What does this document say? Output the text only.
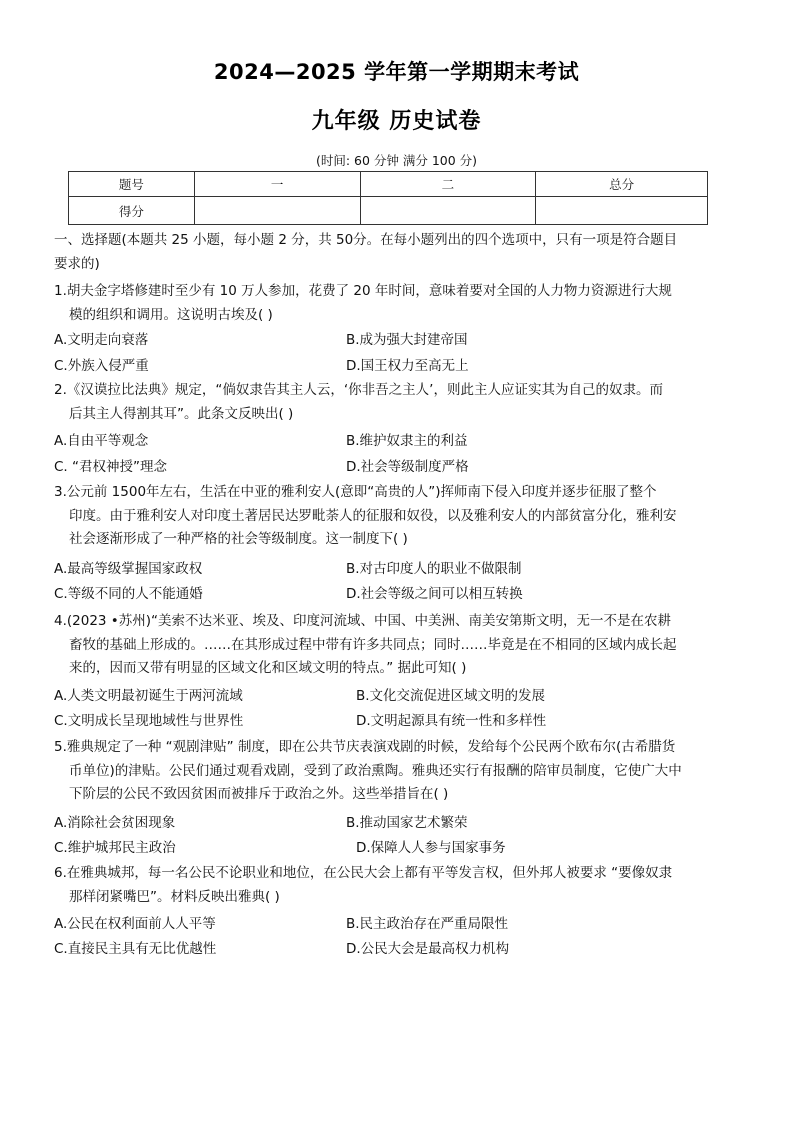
2024—2025 学年第一学期期末考试
九年级 历史试卷
(时间: 60 分钟 满分 100 分)
题号	一	二	总分
得分			
一、选择题(本题共 25 小题，每小题 2 分，共 50分。在每小题列出的四个选项中，只有一项是符合题目
要求的)
1.胡夫金字塔修建时至少有 10 万人参加，花费了 20 年时间，意味着要对全国的人力物力资源进行大规
模的组织和调用。这说明古埃及( )
A.文明走向衰落	B.成为强大封建帝国
C.外族入侵严重	D.国王权力至高无上
2.《汉谟拉比法典》规定，“倘奴隶告其主人云，‘你非吾之主人’，则此主人应证实其为自己的奴隶。而
后其主人得割其耳”。此条文反映出( )
A.自由平等观念	B.维护奴隶主的利益
C. “君权神授”理念	D.社会等级制度严格
3.公元前 1500年左右，生活在中亚的雅利安人(意即“高贵的人”)挥师南下侵入印度并逐步征服了整个
印度。由于雅利安人对印度土著居民达罗毗荼人的征服和奴役，以及雅利安人的内部贫富分化，雅利安
社会逐渐形成了一种严格的社会等级制度。这一制度下( )
A.最高等级掌握国家政权	B.对古印度人的职业不做限制
C.等级不同的人不能通婚	D.社会等级之间可以相互转换
4.(2023 •苏州)“美索不达米亚、埃及、印度河流域、中国、中美洲、南美安第斯文明，无一不是在农耕
畜牧的基础上形成的。……在其形成过程中带有许多共同点；同时……毕竟是在不相同的区域内成长起
来的，因而又带有明显的区域文化和区域文明的特点。” 据此可知( )
A.人类文明最初诞生于两河流域	B.文化交流促进区域文明的发展
C.文明成长呈现地域性与世界性	D.文明起源具有统一性和多样性
5.雅典规定了一种 “观剧津贴” 制度，即在公共节庆表演戏剧的时候，发给每个公民两个欧布尔(古希腊货
币单位)的津贴。公民们通过观看戏剧，受到了政治熏陶。雅典还实行有报酬的陪审员制度，它使广大中
下阶层的公民不致因贫困而被排斥于政治之外。这些举措旨在( )
A.消除社会贫困现象	B.推动国家艺术繁荣
C.维护城邦民主政治	D.保障人人参与国家事务
6.在雅典城邦，每一名公民不论职业和地位，在公民大会上都有平等发言权，但外邦人被要求 “要像奴隶
那样闭紧嘴巴”。材料反映出雅典( )
A.公民在权利面前人人平等	B.民主政治存在严重局限性
C.直接民主具有无比优越性	D.公民大会是最高权力机构
